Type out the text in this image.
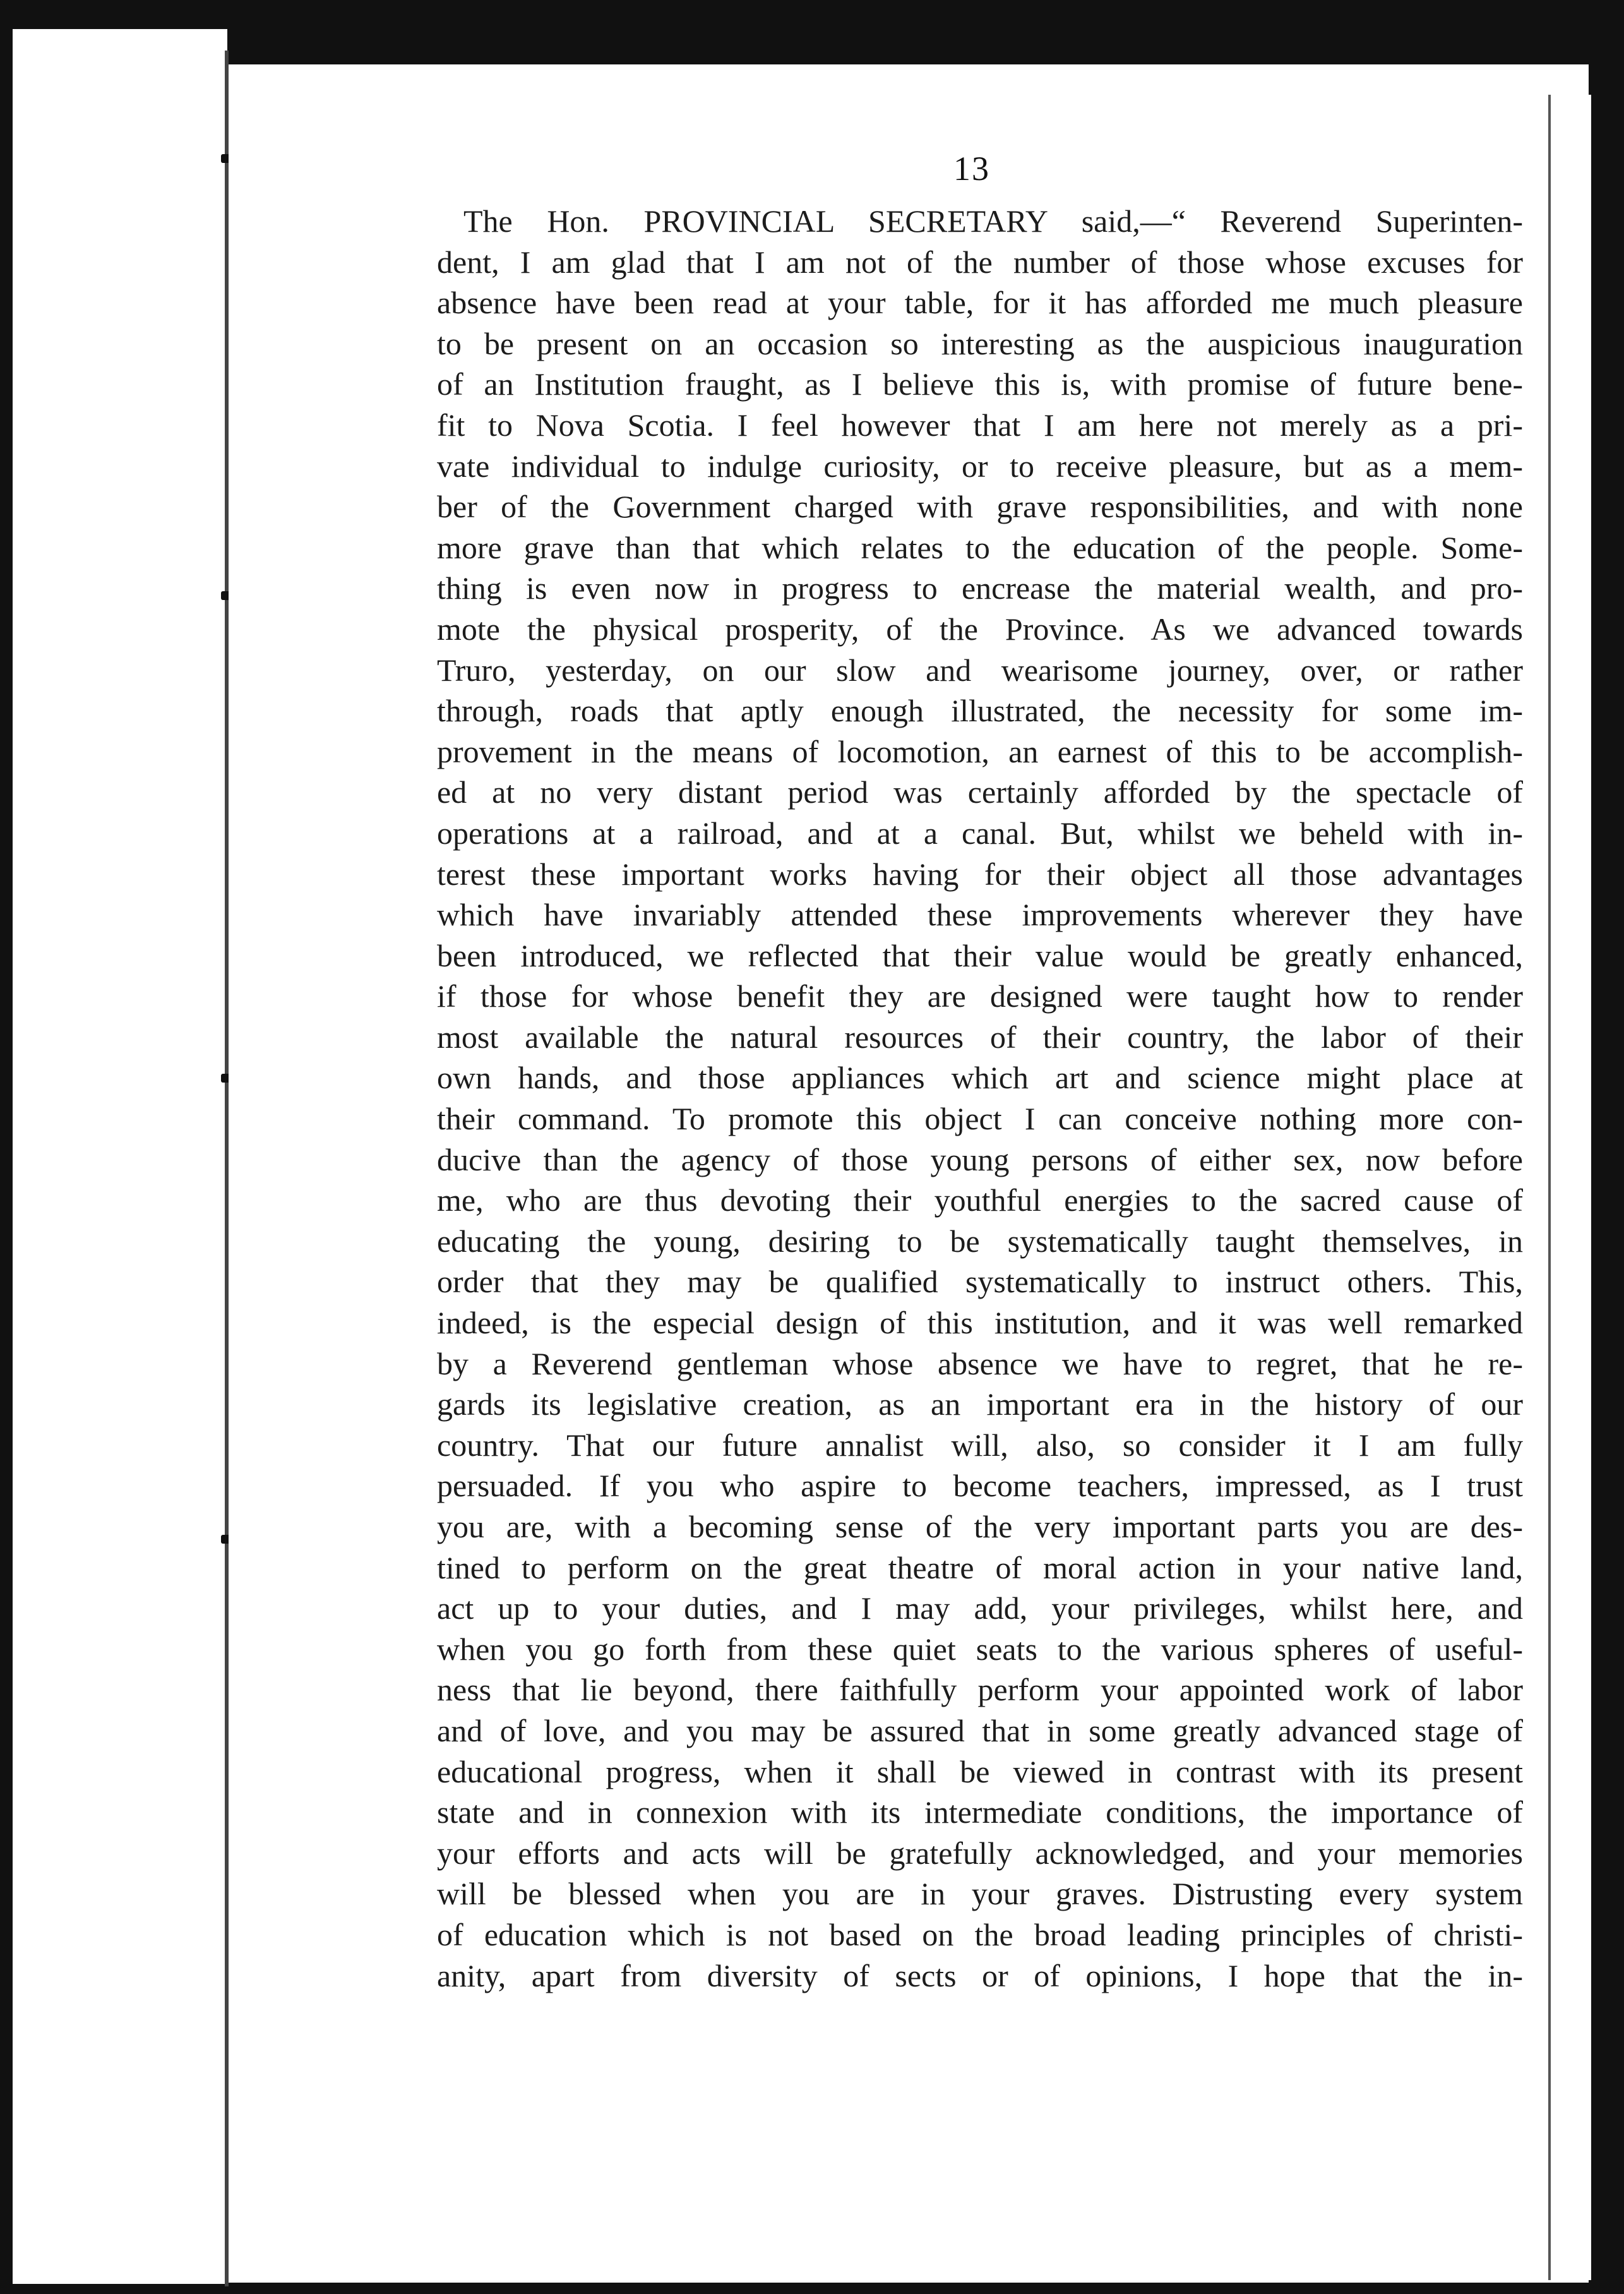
13
The Hon. PROVINCIAL SECRETARY said,—“ Reverend Superinten-
dent, I am glad that I am not of the number of those whose excuses for
absence have been read at your table, for it has afforded me much pleasure
to be present on an occasion so interesting as the auspicious inauguration
of an Institution fraught, as I believe this is, with promise of future bene-
fit to Nova Scotia. I feel however that I am here not merely as a pri-
vate individual to indulge curiosity, or to receive pleasure, but as a mem-
ber of the Government charged with grave responsibilities, and with none
more grave than that which relates to the education of the people. Some-
thing is even now in progress to encrease the material wealth, and pro-
mote the physical prosperity, of the Province. As we advanced towards
Truro, yesterday, on our slow and wearisome journey, over, or rather
through, roads that aptly enough illustrated, the necessity for some im-
provement in the means of locomotion, an earnest of this to be accomplish-
ed at no very distant period was certainly afforded by the spectacle of
operations at a railroad, and at a canal. But, whilst we beheld with in-
terest these important works having for their object all those advantages
which have invariably attended these improvements wherever they have
been introduced, we reflected that their value would be greatly enhanced,
if those for whose benefit they are designed were taught how to render
most available the natural resources of their country, the labor of their
own hands, and those appliances which art and science might place at
their command. To promote this object I can conceive nothing more con-
ducive than the agency of those young persons of either sex, now before
me, who are thus devoting their youthful energies to the sacred cause of
educating the young, desiring to be systematically taught themselves, in
order that they may be qualified systematically to instruct others. This,
indeed, is the especial design of this institution, and it was well remarked
by a Reverend gentleman whose absence we have to regret, that he re-
gards its legislative creation, as an important era in the history of our
country. That our future annalist will, also, so consider it I am fully
persuaded. If you who aspire to become teachers, impressed, as I trust
you are, with a becoming sense of the very important parts you are des-
tined to perform on the great theatre of moral action in your native land,
act up to your duties, and I may add, your privileges, whilst here, and
when you go forth from these quiet seats to the various spheres of useful-
ness that lie beyond, there faithfully perform your appointed work of labor
and of love, and you may be assured that in some greatly advanced stage of
educational progress, when it shall be viewed in contrast with its present
state and in connexion with its intermediate conditions, the importance of
your efforts and acts will be gratefully acknowledged, and your memories
will be blessed when you are in your graves. Distrusting every system
of education which is not based on the broad leading principles of christi-
anity, apart from diversity of sects or of opinions, I hope that the in-
